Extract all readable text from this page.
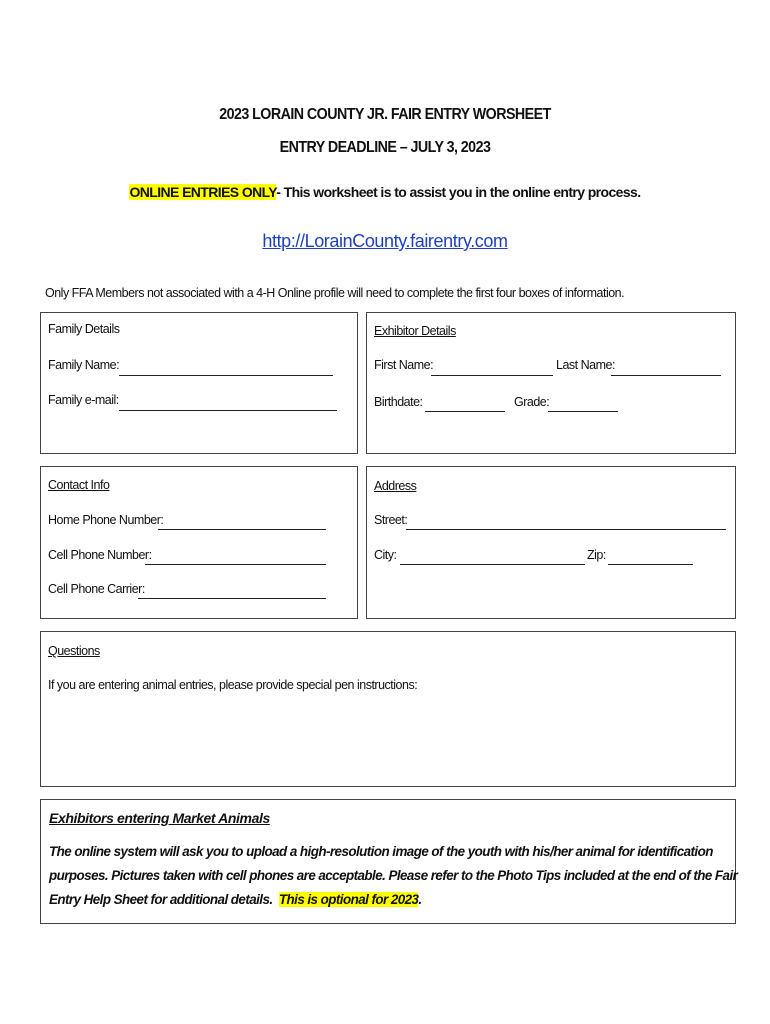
2023 LORAIN COUNTY JR. FAIR ENTRY WORSHEET
ENTRY DEADLINE – JULY 3, 2023
ONLINE ENTRIES ONLY- This worksheet is to assist you in the online entry process.
http://LorainCounty.fairentry.com
Only FFA Members not associated with a 4-H Online profile will need to complete the first four boxes of information.
Family Details
Family Name:
Family e-mail:
Exhibitor Details
First Name:	Last Name:
Birthdate:	Grade:
Contact Info
Home Phone Number:
Cell Phone Number:
Cell Phone Carrier:
Address
Street:
City:	Zip:
Questions
If you are entering animal entries, please provide special pen instructions:
Exhibitors entering Market Animals
The online system will ask you to upload a high-resolution image of the youth with his/her animal for identification
purposes. Pictures taken with cell phones are acceptable. Please refer to the Photo Tips included at the end of the Fair
Entry Help Sheet for additional details.  This is optional for 2023.
